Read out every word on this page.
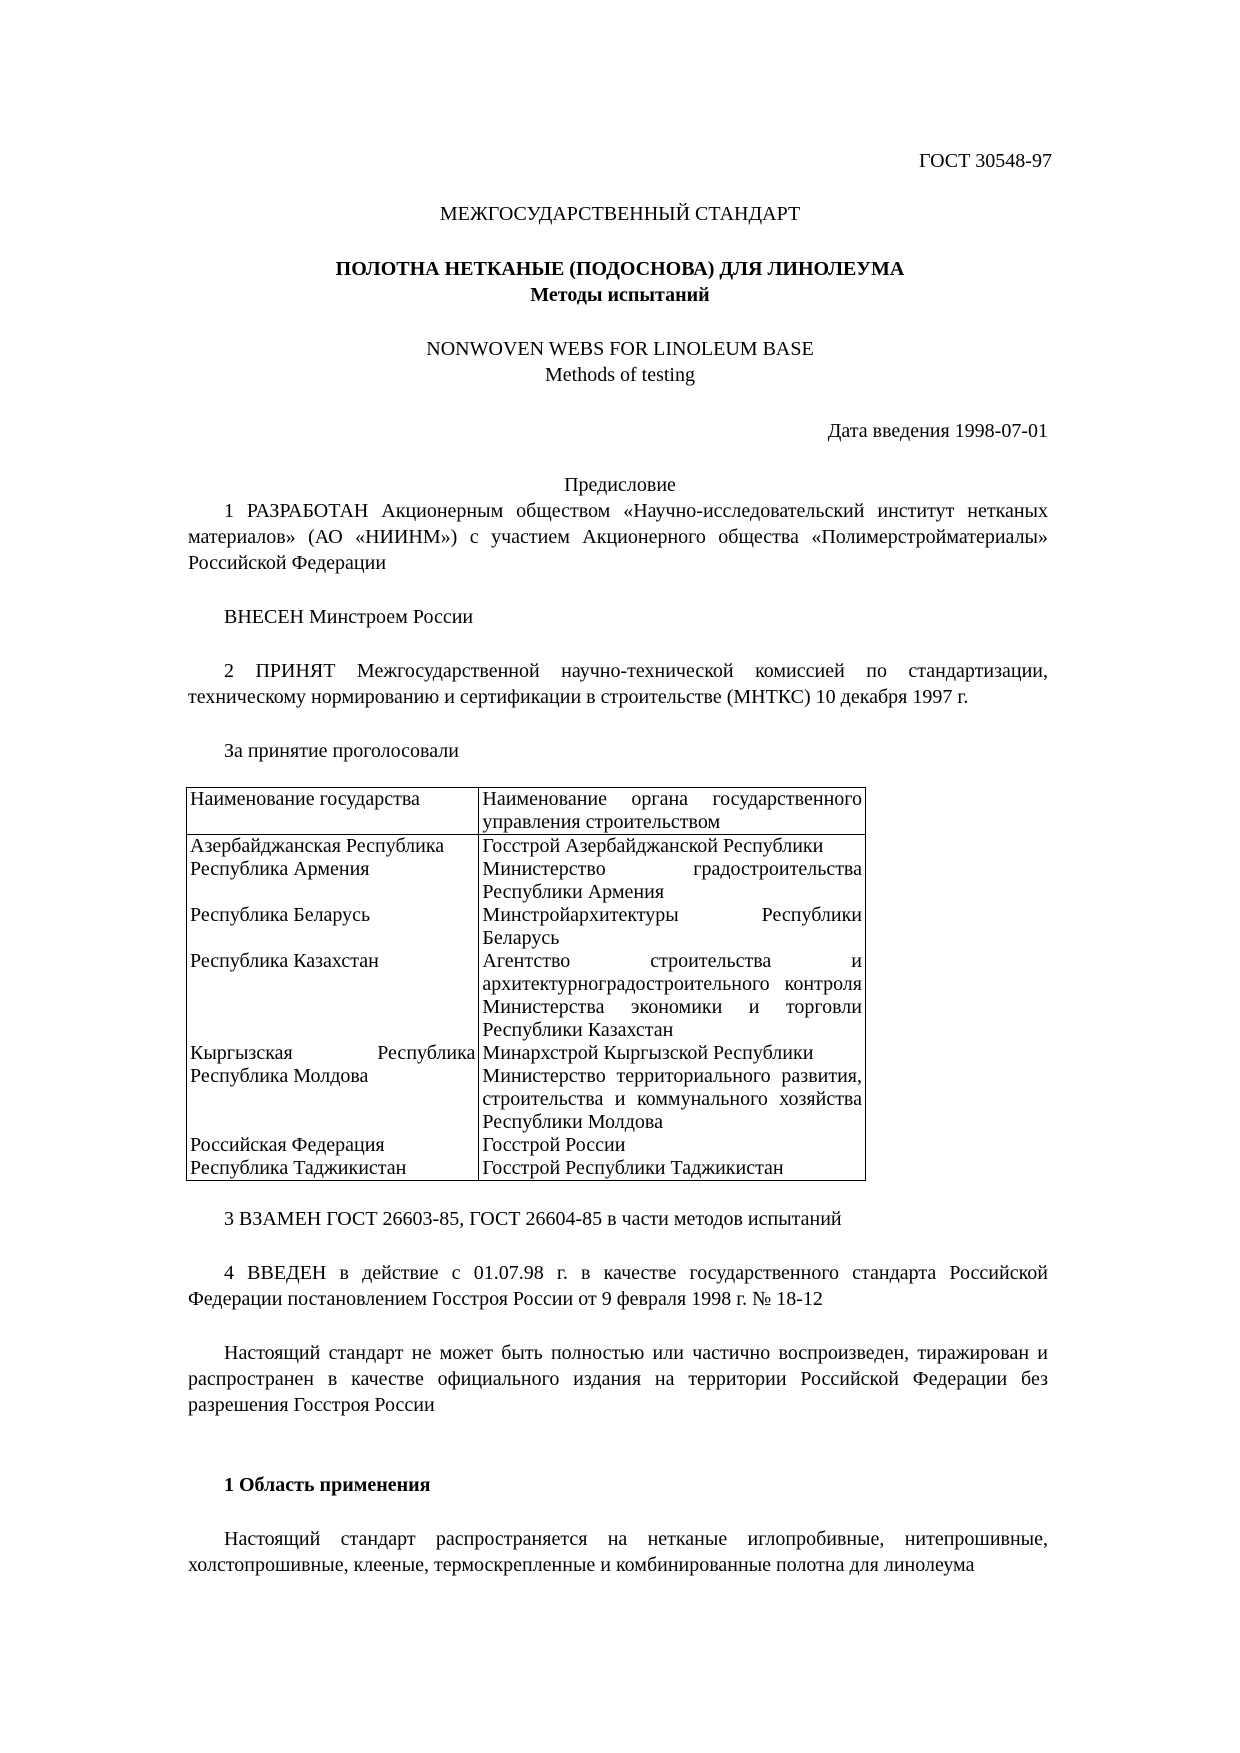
ГОСТ 30548-97
МЕЖГОСУДАРСТВЕННЫЙ СТАНДАРТ
ПОЛОТНА НЕТКАНЫЕ (ПОДОСНОВА) ДЛЯ ЛИНОЛЕУМА
Методы испытаний
NONWOVEN WEBS FOR LINOLEUM BASE
Methods of testing
Дата введения 1998-07-01
Предисловие
1 РАЗРАБОТАН Акционерным обществом «Научно-исследовательский институт нетканых материалов» (АО «НИИНМ») с участием Акционерного общества «Полимерстройматериалы» Российской Федерации
ВНЕСЕН Минстроем России
2 ПРИНЯТ Межгосударственной научно-технической комиссией по стандартизации, техническому нормированию и сертификации в строительстве (МНТКС) 10 декабря 1997 г.
За принятие проголосовали
Наименование государства	Наименование органа государственного управления строительством

Азербайджанская Республика	Госстрой Азербайджанской Республики
Республика Армения	Министерство градостроительства Республики Армения
Республика Беларусь	Минстройархитектуры Республики Беларусь
Республика Казахстан	Агентство строительства и архитектурноградостроительного контроля Министерства экономики и торговли Республики Казахстан
Кыргызская Республика	Минархстрой Кыргызской Республики
Республика Молдова	Министерство территориального развития, строительства и коммунального хозяйства Республики Молдова
Российская Федерация	Госстрой России
Республика Таджикистан	Госстрой Республики Таджикистан
3 ВЗАМЕН ГОСТ 26603-85, ГОСТ 26604-85 в части методов испытаний
4 ВВЕДЕН в действие с 01.07.98 г. в качестве государственного стандарта Российской Федерации постановлением Госстроя России от 9 февраля 1998 г. № 18-12
Настоящий стандарт не может быть полностью или частично воспроизведен, тиражирован и распространен в качестве официального издания на территории Российской Федерации без разрешения Госстроя России
1 Область применения
Настоящий стандарт распространяется на нетканые иглопробивные, нитепрошивные, холстопрошивные, клееные, термоскрепленные и комбинированные полотна для линолеума
